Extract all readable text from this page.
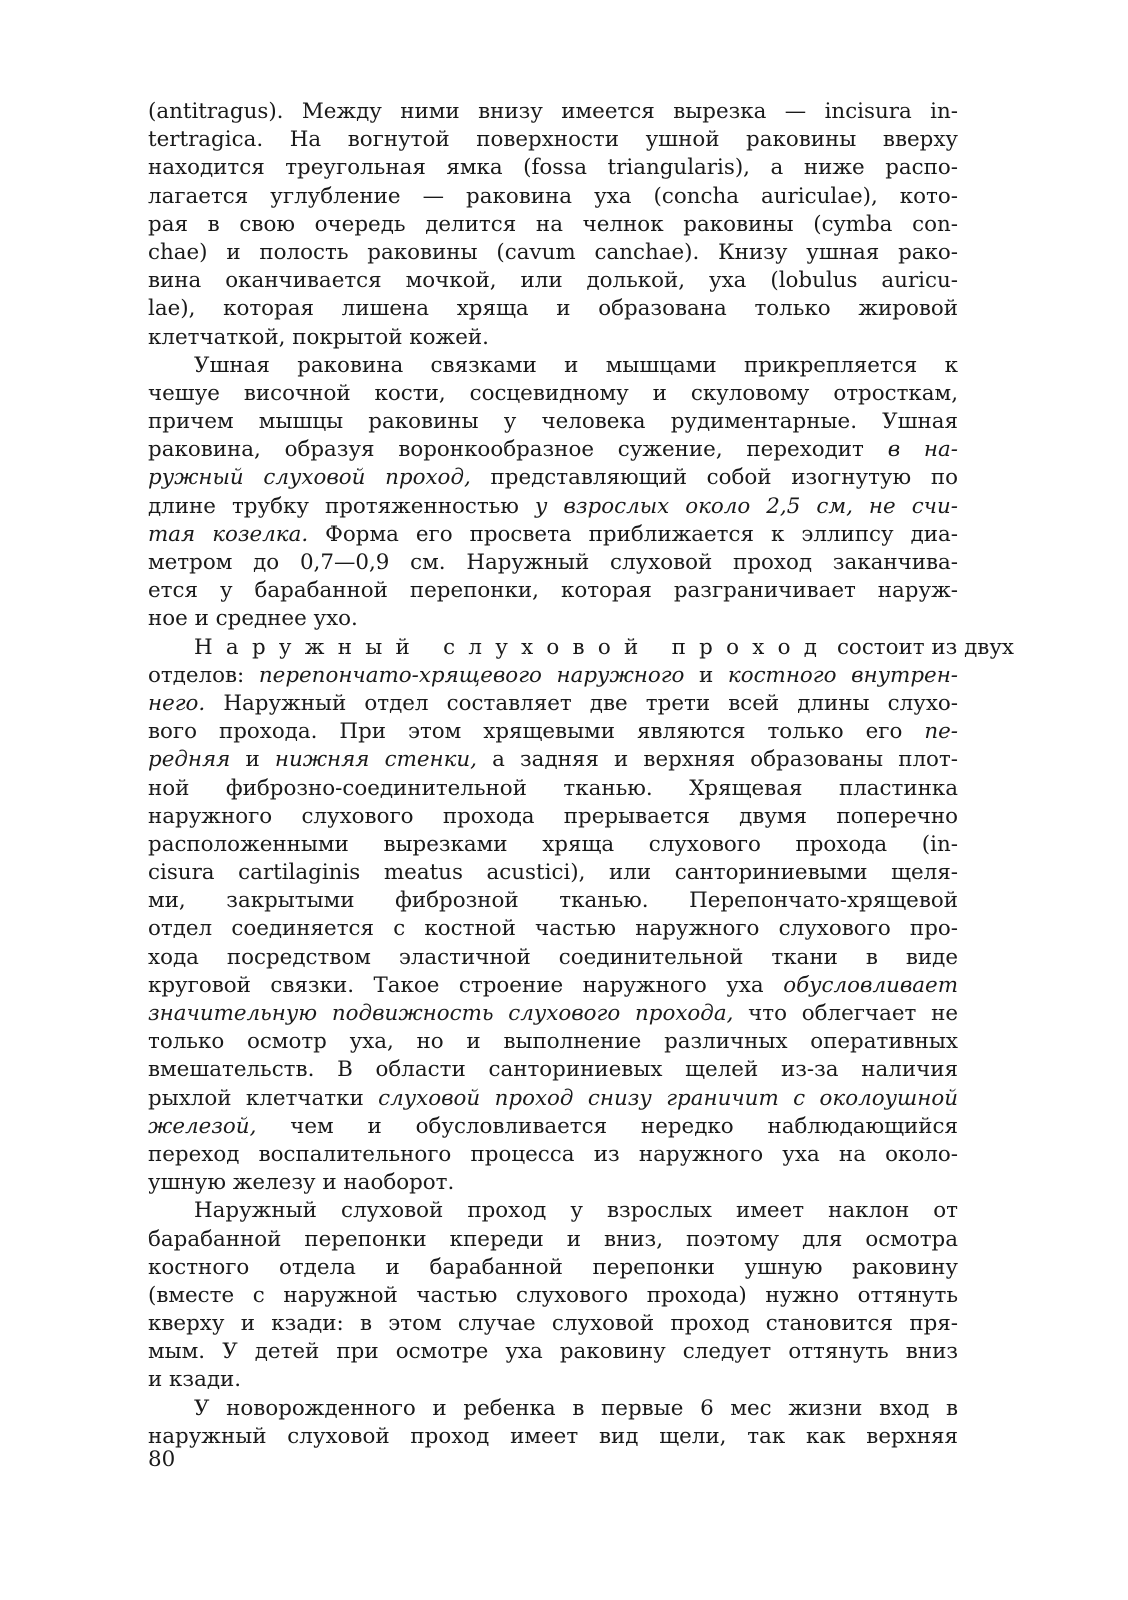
(antitragus). Между ними внизу имеется вырезка — incisura in-
tertragica. На вогнутой поверхности ушной раковины вверху
находится треугольная ямка (fossa triangularis), а ниже распо-
лагается углубление — раковина уха (concha auriculae), кото-
рая в свою очередь делится на челнок раковины (cymba con-
chae) и полость раковины (cavum canchae). Книзу ушная рако-
вина оканчивается мочкой, или долькой, уха (lobulus auricu-
lae), которая лишена хряща и образована только жировой
клетчаткой, покрытой кожей.
Ушная раковина связками и мышцами прикрепляется к
чешуе височной кости, сосцевидному и скуловому отросткам,
причем мышцы раковины у человека рудиментарные. Ушная
раковина, образуя воронкообразное сужение, переходит в на-
ружный слуховой проход, представляющий собой изогнутую по
длине трубку протяженностью у взрослых около 2,5 см, не счи-
тая козелка. Форма его просвета приближается к эллипсу диа-
метром до 0,7—0,9 см. Наружный слуховой проход заканчива-
ется у барабанной перепонки, которая разграничивает наруж-
ное и среднее ухо.
Наружный слуховой проход состоит из двух
отделов: перепончато-хрящевого наружного и костного внутрен-
него. Наружный отдел составляет две трети всей длины слухо-
вого прохода. При этом хрящевыми являются только его пе-
редняя и нижняя стенки, а задняя и верхняя образованы плот-
ной фиброзно-соединительной тканью. Хрящевая пластинка
наружного слухового прохода прерывается двумя поперечно
расположенными вырезками хряща слухового прохода (in-
cisura cartilaginis meatus acustici), или санториниевыми щеля-
ми, закрытыми фиброзной тканью. Перепончато-хрящевой
отдел соединяется с костной частью наружного слухового про-
хода посредством эластичной соединительной ткани в виде
круговой связки. Такое строение наружного уха обусловливает
значительную подвижность слухового прохода, что облегчает не
только осмотр уха, но и выполнение различных оперативных
вмешательств. В области санториниевых щелей из-за наличия
рыхлой клетчатки слуховой проход снизу граничит с околоушной
железой, чем и обусловливается нередко наблюдающийся
переход воспалительного процесса из наружного уха на около-
ушную железу и наоборот.
Наружный слуховой проход у взрослых имеет наклон от
барабанной перепонки кпереди и вниз, поэтому для осмотра
костного отдела и барабанной перепонки ушную раковину
(вместе с наружной частью слухового прохода) нужно оттянуть
кверху и кзади: в этом случае слуховой проход становится пря-
мым. У детей при осмотре уха раковину следует оттянуть вниз
и кзади.
У новорожденного и ребенка в первые 6 мес жизни вход в
наружный слуховой проход имеет вид щели, так как верхняя
80
